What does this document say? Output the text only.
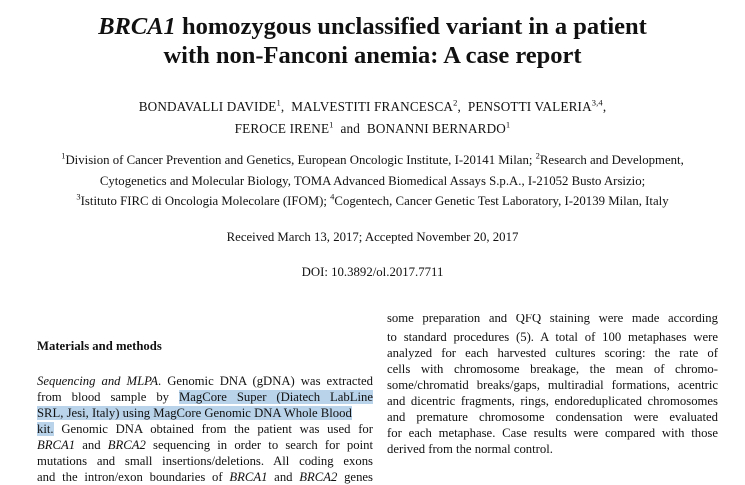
BRCA1 homozygous unclassified variant in a patient
with non-Fanconi anemia: A case report
BONDAVALLI DAVIDE$^1$,  MALVESTITI FRANCESCA$^2$,  PENSOTTI VALERIA$^{3,4}$,
FEROCE IRENE$^1$ and BONANNI BERNARDO$^1$
$^1$Division of Cancer Prevention and Genetics, European Oncologic Institute, I-20141 Milan; $^2$Research and Development,
Cytogenetics and Molecular Biology, TOMA Advanced Biomedical Assays S.p.A., I-21052 Busto Arsizio;
$^3$Istituto FIRC di Oncologia Molecolare (IFOM); $^4$Cogentech, Cancer Genetic Test Laboratory, I-20139 Milan, Italy
Received March 13, 2017; Accepted November 20, 2017
DOI: 10.3892/ol.2017.7711
Materials and methods
Sequencing and MLPA. Genomic DNA (gDNA) was extracted
from blood sample by MagCore Super (Diatech LabLine
SRL, Jesi, Italy) using MagCore Genomic DNA Whole Blood
kit. Genomic DNA obtained from the patient was used for
BRCA1 and BRCA2 sequencing in order to search for point
mutations and small insertions/deletions. All coding exons
and the intron/exon boundaries of BRCA1 and BRCA2 genes
some preparation and QFQ staining were made according
to standard procedures (5). A total of 100 metaphases were
analyzed for each harvested cultures scoring: the rate of
cells with chromosome breakage, the mean of chromo-
some/chromatid breaks/gaps, multiradial formations, acentric
and dicentric fragments, rings, endoreduplicated chromosomes
and premature chromosome condensation were evaluated
for each metaphase. Case results were compared with those
derived from the normal control.
